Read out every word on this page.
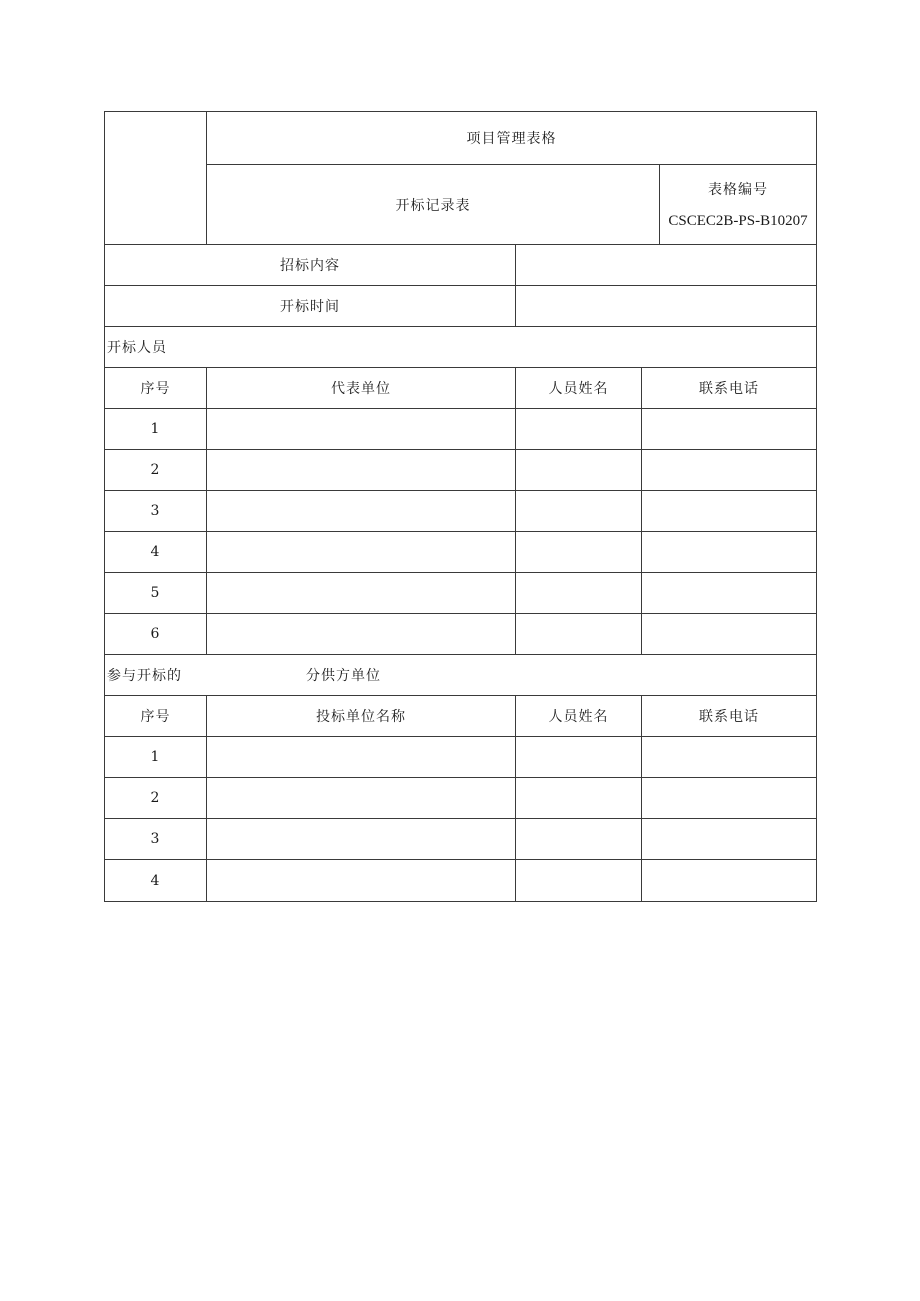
	项目管理表格			
	开标记录表			表格编号
CSCEC2B-PS-B10207

招标内容				
开标时间				
开标人员				
序号	代表单位	人员姓名	联系电话	
1				
2				
3				
4				
5				
6				
参与开标的 分供方单位				
序号	投标单位名称	人员姓名	联系电话	
1				
2				
3				
4				
